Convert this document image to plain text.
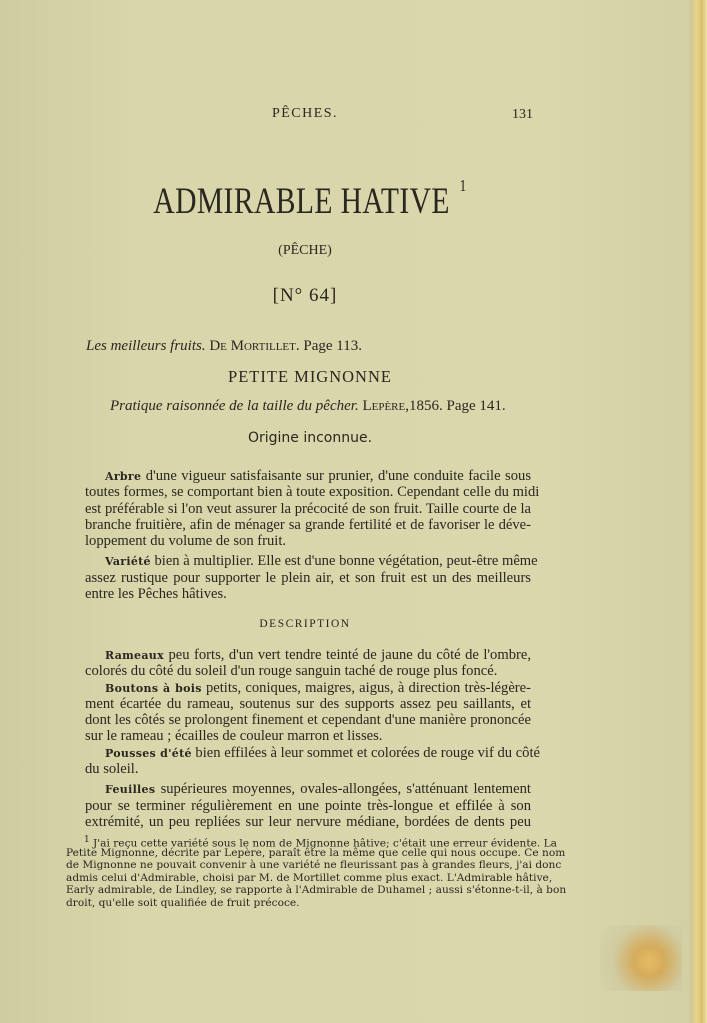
PÊCHES.	131
ADMIRABLE HATIVE $^1$
(PÊCHE)
[N° 64]
Les meilleurs fruits. De Mortillet. Page 113.
PETITE MIGNONNE
Pratique raisonnée de la taille du pêcher. Lepère,1856. Page 141.
Origine inconnue.
Arbre d'une vigueur satisfaisante sur prunier, d'une conduite facile sous
toutes formes, se comportant bien à toute exposition. Cependant celle du midi
est préférable si l'on veut assurer la précocité de son fruit. Taille courte de la
branche fruitière, afin de ménager sa grande fertilité et de favoriser le déve-
loppement du volume de son fruit.
Variété bien à multiplier. Elle est d'une bonne végétation, peut-être même
assez rustique pour supporter le plein air, et son fruit est un des meilleurs
entre les Pêches hâtives.
DESCRIPTION
Rameaux peu forts, d'un vert tendre teinté de jaune du côté de l'ombre,
colorés du côté du soleil d'un rouge sanguin taché de rouge plus foncé.
Boutons à bois petits, coniques, maigres, aigus, à direction très-légère-
ment écartée du rameau, soutenus sur des supports assez peu saillants, et
dont les côtés se prolongent finement et cependant d'une manière prononcée
sur le rameau ; écailles de couleur marron et lisses.
Pousses d'été bien effilées à leur sommet et colorées de rouge vif du côté
du soleil.
Feuilles supérieures moyennes, ovales-allongées, s'atténuant lentement
pour se terminer régulièrement en une pointe très-longue et effilée à son
extrémité, un peu repliées sur leur nervure médiane, bordées de dents peu
$^1$ J'ai reçu cette variété sous le nom de Mignonne hâtive; c'était une erreur évidente. La
Petite Mignonne, décrite par Lepère, paraît être la même que celle qui nous occupe. Ce nom
de Mignonne ne pouvait convenir à une variété ne fleurissant pas à grandes fleurs, j'ai donc
admis celui d'Admirable, choisi par M. de Mortillet comme plus exact. L'Admirable hâtive,
Early admirable, de Lindley, se rapporte à l'Admirable de Duhamel ; aussi s'étonne-t-il, à bon
droit, qu'elle soit qualifiée de fruit précoce.
